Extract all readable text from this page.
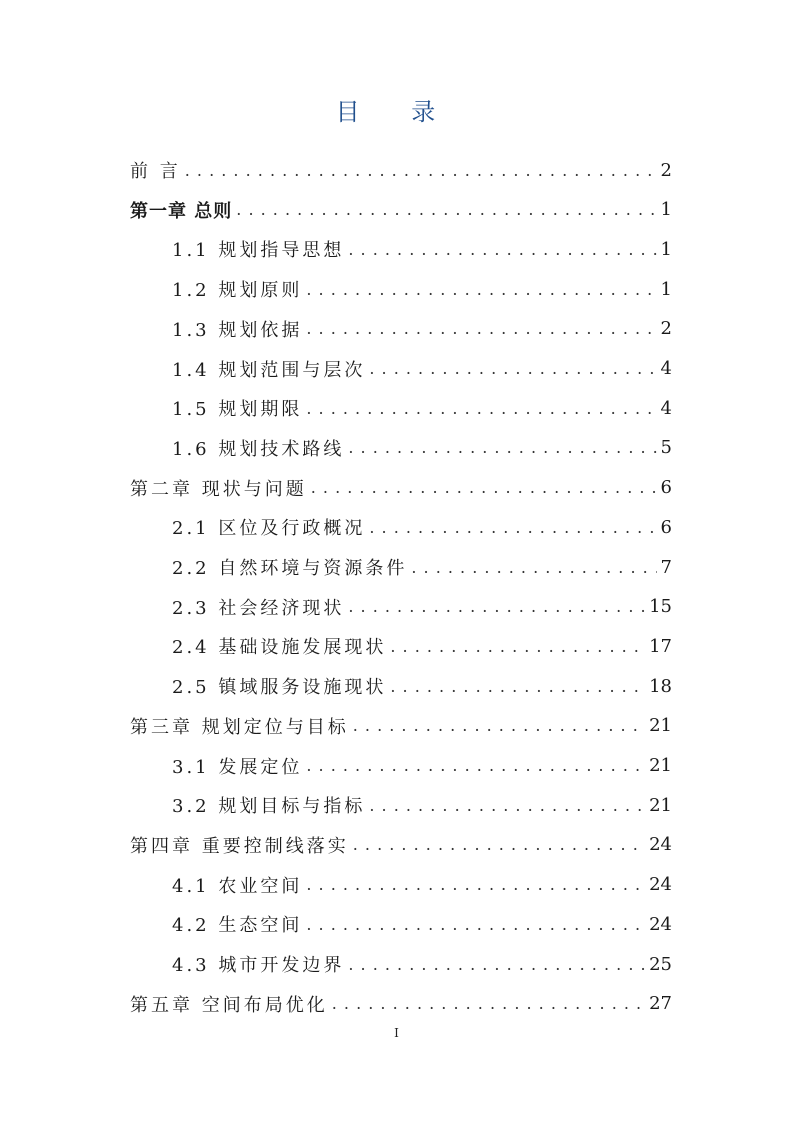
目 录
前 言 . . .	2
第一章 总则 . . .	1
1.1 规划指导思想 . . .	1
1.2 规划原则 . . .	1
1.3 规划依据 . . .	2
1.4 规划范围与层次 . . .	4
1.5 规划期限 . . .	4
1.6 规划技术路线 . . .	5
第二章 现状与问题 . . .	6
2.1 区位及行政概况 . . .	6
2.2 自然环境与资源条件 . . .	7
2.3 社会经济现状 . . .	15
2.4 基础设施发展现状 . . .	17
2.5 镇域服务设施现状 . . .	18
第三章 规划定位与目标 . . .	21
3.1 发展定位 . . .	21
3.2 规划目标与指标 . . .	21
第四章 重要控制线落实 . . .	24
4.1 农业空间 . . .	24
4.2 生态空间 . . .	24
4.3 城市开发边界 . . .	25
第五章 空间布局优化 . . .	27
I
